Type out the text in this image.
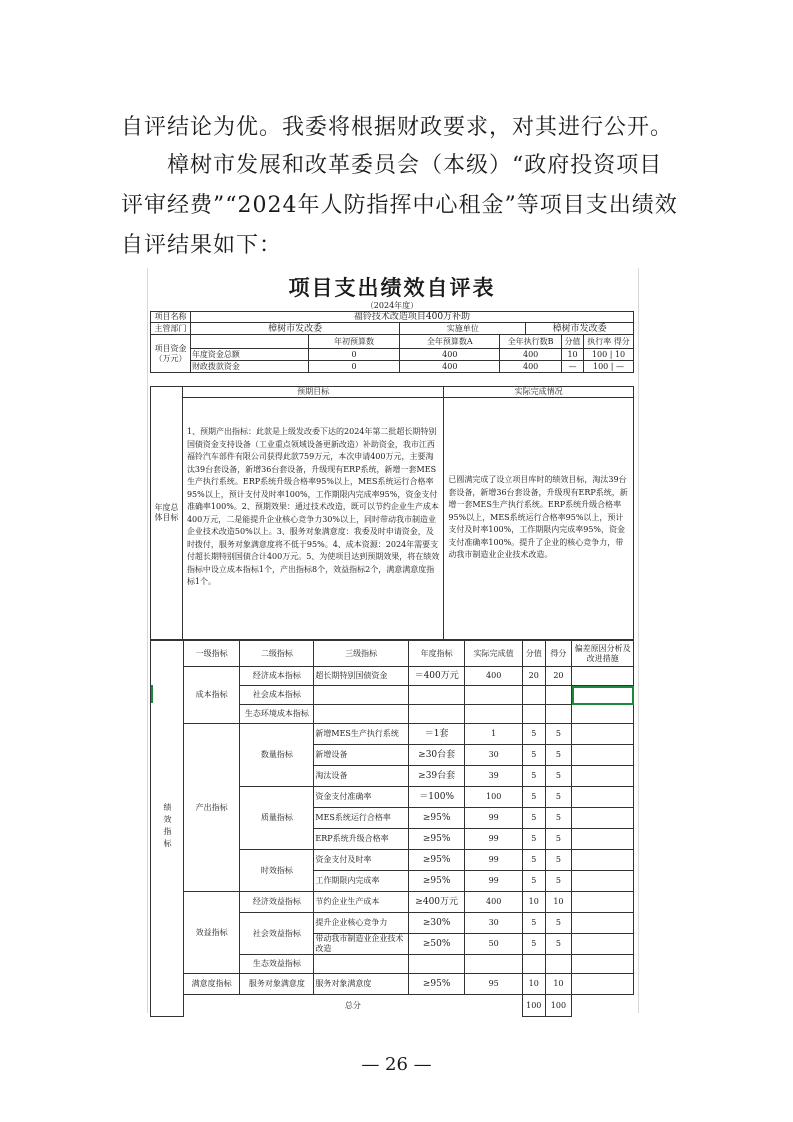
自评结论为优。我委将根据财政要求，对其进行公开。

樟树市发展和改革委员会（本级）“政府投资项目评审经费”“2024年人防指挥中心租金”等项目支出绩效自评结果如下：

项目支出绩效自评表
（2024年度）
项目名称	福铃技术改造项目400万补助						
主管部门	樟树市发改委		实施单位		樟树市发改委		
项目资金（万元）		年初预算数	全年预算数A	全年执行数B		分值	执行率 得分
	年度资金总额	0	400	400		10	100 | 10
	财政拨款资金	0	400	400		—	100 | —
年度总体目标	预期目标	实际完成情况
	1、预期产出指标：此款是上级发改委下达的2024年第二批超长期特别国债资金支持设备（工业重点领域设备更新改造）补助资金，我市江西福铃汽车部件有限公司获得此款759万元，本次申请400万元，主要淘汰39台套设备，新增36台套设备，升级现有ERP系统，新增一套MES生产执行系统。ERP系统升级合格率95%以上，MES系统运行合格率95%以上，预计支付及时率100%，工作期限内完成率95%，资金支付准确率100%。2、预期效果：通过技术改造，既可以节约企业生产成本400万元，二是能提升企业核心竞争力30%以上，同时带动我市制造业企业技术改造50%以上。3、服务对象满意度：我委及时申请资金，及时拨付，服务对象满意度将不低于95%。4、成本资源：2024年需要支付超长期特别国债合计400万元。5、为使项目达到预期效果，将在绩效指标中设立成本指标1个，产出指标8个，效益指标2个，满意满意度指标1个。	已圆满完成了设立项目库时的绩效目标，淘汰39台套设备，新增36台套设备，升级现有ERP系统，新增一套MES生产执行系统。ERP系统升级合格率95%以上，MES系统运行合格率95%以上，预计支付及时率100%，工作期限内完成率95%，资金支付准确率100%。提升了企业的核心竞争力，带动我市制造业企业技术改造。
绩效指标	一级指标	二级指标	三级指标	年度指标	实际完成值	分值	得分	偏差原因分析及改进措施
	成本指标	经济成本指标	超长期特别国债资金	＝400万元	400	20	20	
		社会成本指标						
		生态环境成本指标						
	产出指标	数量指标	新增MES生产执行系统	＝1套	1	5	5	
			新增设备	≥30台套	30	5	5	
			淘汰设备	≥39台套	39	5	5	
		质量指标	资金支付准确率	＝100%	100	5	5	
			MES系统运行合格率	≥95%	99	5	5	
			ERP系统升级合格率	≥95%	99	5	5	
		时效指标	资金支付及时率	≥95%	99	5	5	
			工作期限内完成率	≥95%	99	5	5	
	效益指标	经济效益指标	节约企业生产成本	≥400万元	400	10	10	
		社会效益指标	提升企业核心竞争力	≥30%	30	5	5	
			带动我市制造业企业技术改造	≥50%	50	5	5	
		生态效益指标						
	满意度指标	服务对象满意度	服务对象满意度	≥95%	95	10	10	
	总分					100	100	
— 26 —
